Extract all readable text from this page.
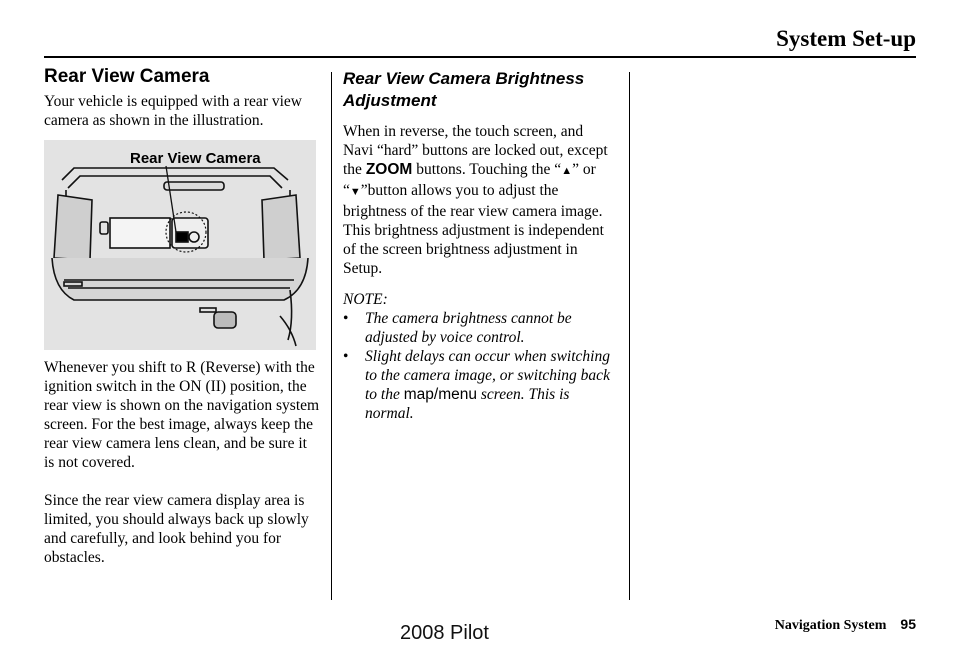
System Set-up
Rear View Camera

Your vehicle is equipped with a rear view camera as shown in the illustration.

Rear View Camera

Whenever you shift to R (Reverse) with the ignition switch in the ON (II) position, the rear view is shown on the navigation system screen. For the best image, always keep the rear view camera lens clean, and be sure it is not covered.

Since the rear view camera display area is limited, you should always back up slowly and carefully, and look behind you for obstacles.

Rear View Camera Brightness Adjustment

When in reverse, the touch screen, and Navi “hard” buttons are locked out, except the ZOOM buttons. Touching the “▲” or “▼”button allows you to adjust the brightness of the rear view camera image. This brightness adjustment is independent of the screen brightness adjustment in Setup.

NOTE:

• The camera brightness cannot be adjusted by voice control.
• Slight delays can occur when switching to the camera image, or switching back to the map/menu screen. This is normal.
Navigation System 95
2008 Pilot
